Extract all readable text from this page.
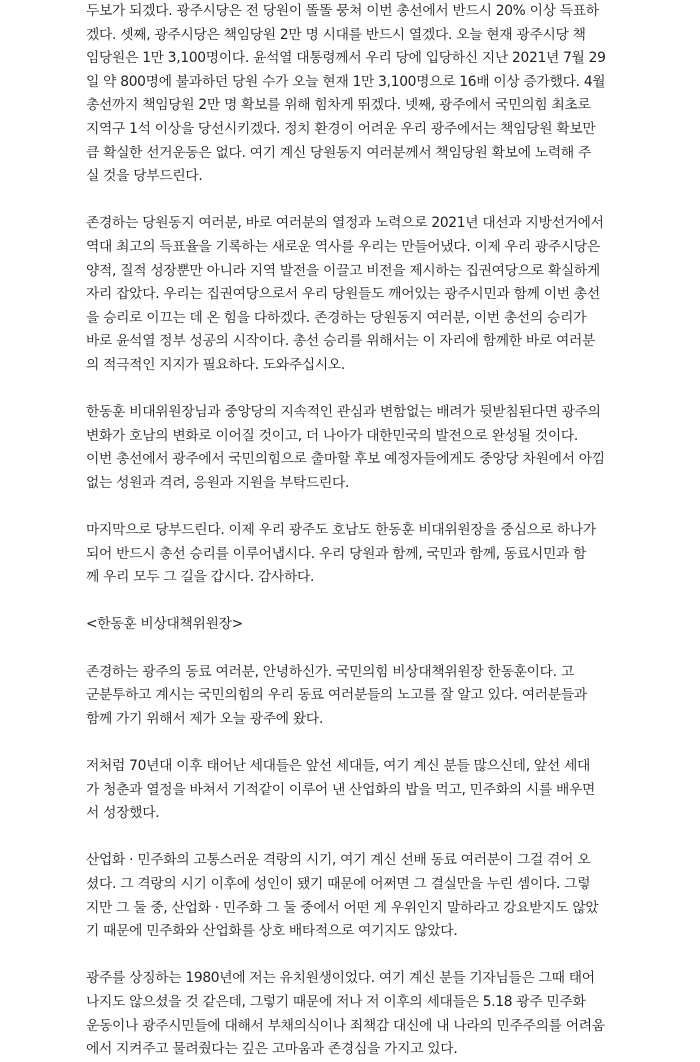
두보가 되겠다. 광주시당은 전 당원이 똘똘 뭉쳐 이번 총선에서 반드시 20% 이상 득표하
겠다. 셋째, 광주시당은 책임당원 2만 명 시대를 반드시 열겠다. 오늘 현재 광주시당 책
임당원은 1만 3,100명이다. 윤석열 대통령께서 우리 당에 입당하신 지난 2021년 7월 29
일 약 800명에 불과하던 당원 수가 오늘 현재 1만 3,100명으로 16배 이상 증가했다. 4월
총선까지 책임당원 2만 명 확보를 위해 힘차게 뛰겠다. 넷째, 광주에서 국민의힘 최초로
지역구 1석 이상을 당선시키겠다. 정치 환경이 어려운 우리 광주에서는 책임당원 확보만
큼 확실한 선거운동은 없다. 여기 계신 당원동지 여러분께서 책임당원 확보에 노력해 주
실 것을 당부드린다.
존경하는 당원동지 여러분, 바로 여러분의 열정과 노력으로 2021년 대선과 지방선거에서
역대 최고의 득표율을 기록하는 새로운 역사를 우리는 만들어냈다. 이제 우리 광주시당은
양적, 질적 성장뿐만 아니라 지역 발전을 이끌고 비전을 제시하는 집권여당으로 확실하게
자리 잡았다. 우리는 집권여당으로서 우리 당원들도 깨어있는 광주시민과 함께 이번 총선
을 승리로 이끄는 데 온 힘을 다하겠다. 존경하는 당원동지 여러분, 이번 총선의 승리가
바로 윤석열 정부 성공의 시작이다. 총선 승리를 위해서는 이 자리에 함께한 바로 여러분
의 적극적인 지지가 필요하다. 도와주십시오.
한동훈 비대위원장님과 중앙당의 지속적인 관심과 변함없는 배려가 뒷받침된다면 광주의
변화가 호남의 변화로 이어질 것이고, 더 나아가 대한민국의 발전으로 완성될 것이다.
이번 총선에서 광주에서 국민의힘으로 출마할 후보 예정자들에게도 중앙당 차원에서 아낌
없는 성원과 격려, 응원과 지원을 부탁드린다.
마지막으로 당부드린다. 이제 우리 광주도 호남도 한동훈 비대위원장을 중심으로 하나가
되어 반드시 총선 승리를 이루어냅시다. 우리 당원과 함께, 국민과 함께, 동료시민과 함
께 우리 모두 그 길을 갑시다. 감사하다.
<한동훈 비상대책위원장>
존경하는 광주의 동료 여러분, 안녕하신가. 국민의힘 비상대책위원장 한동훈이다. 고
군분투하고 계시는 국민의힘의 우리 동료 여러분들의 노고를 잘 알고 있다. 여러분들과
함께 가기 위해서 제가 오늘 광주에 왔다.
저처럼 70년대 이후 태어난 세대들은 앞선 세대들, 여기 계신 분들 많으신데, 앞선 세대
가 청춘과 열정을 바쳐서 기적같이 이루어 낸 산업화의 밥을 먹고, 민주화의 시를 배우면
서 성장했다.
산업화 · 민주화의 고통스러운 격랑의 시기, 여기 계신 선배 동료 여러분이 그걸 겪어 오
셨다. 그 격랑의 시기 이후에 성인이 됐기 때문에 어쩌면 그 결실만을 누린 셈이다. 그렇
지만 그 둘 중, 산업화 · 민주화 그 둘 중에서 어떤 게 우위인지 말하라고 강요받지도 않았
기 때문에 민주화와 산업화를 상호 배타적으로 여기지도 않았다.
광주를 상징하는 1980년에 저는 유치원생이었다. 여기 계신 분들 기자님들은 그때 태어
나지도 않으셨을 것 같은데, 그렇기 때문에 저나 저 이후의 세대들은 5.18 광주 민주화
운동이나 광주시민들에 대해서 부채의식이나 죄책감 대신에 내 나라의 민주주의를 어려움
에서 지켜주고 물려줬다는 깊은 고마움과 존경심을 가지고 있다.
